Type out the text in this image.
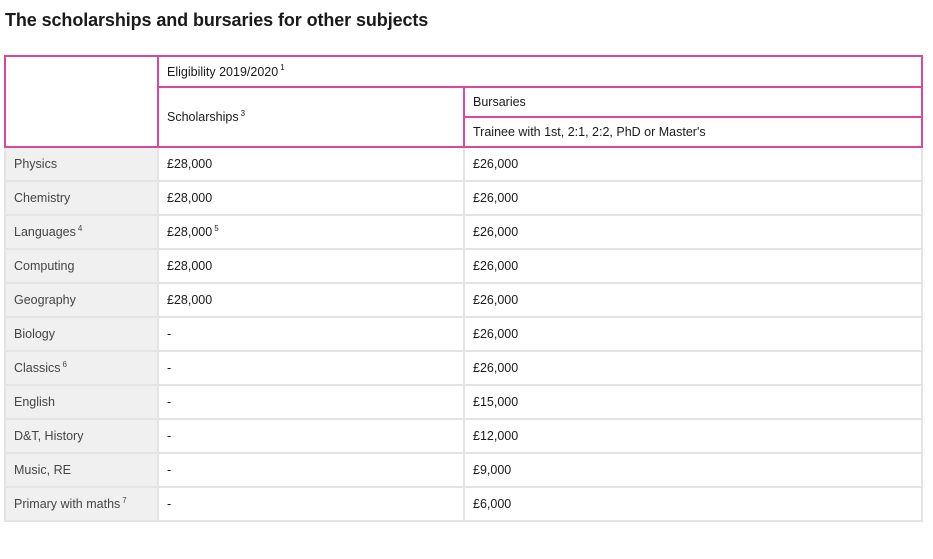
The scholarships and bursaries for other subjects
	Eligibility 2019/2020 $^1$
	Scholarships $^3$	Bursaries
		Trainee with 1st, 2:1, 2:2, PhD or Master's
Physics	£28,000	£26,000
Chemistry	£28,000	£26,000
Languages $^4$	£28,000 $^5$	£26,000
Computing	£28,000	£26,000
Geography	£28,000	£26,000
Biology	-	£26,000
Classics $^6$	-	£26,000
English	-	£15,000
D&T, History	-	£12,000
Music, RE	-	£9,000
Primary with maths $^7$	-	£6,000
